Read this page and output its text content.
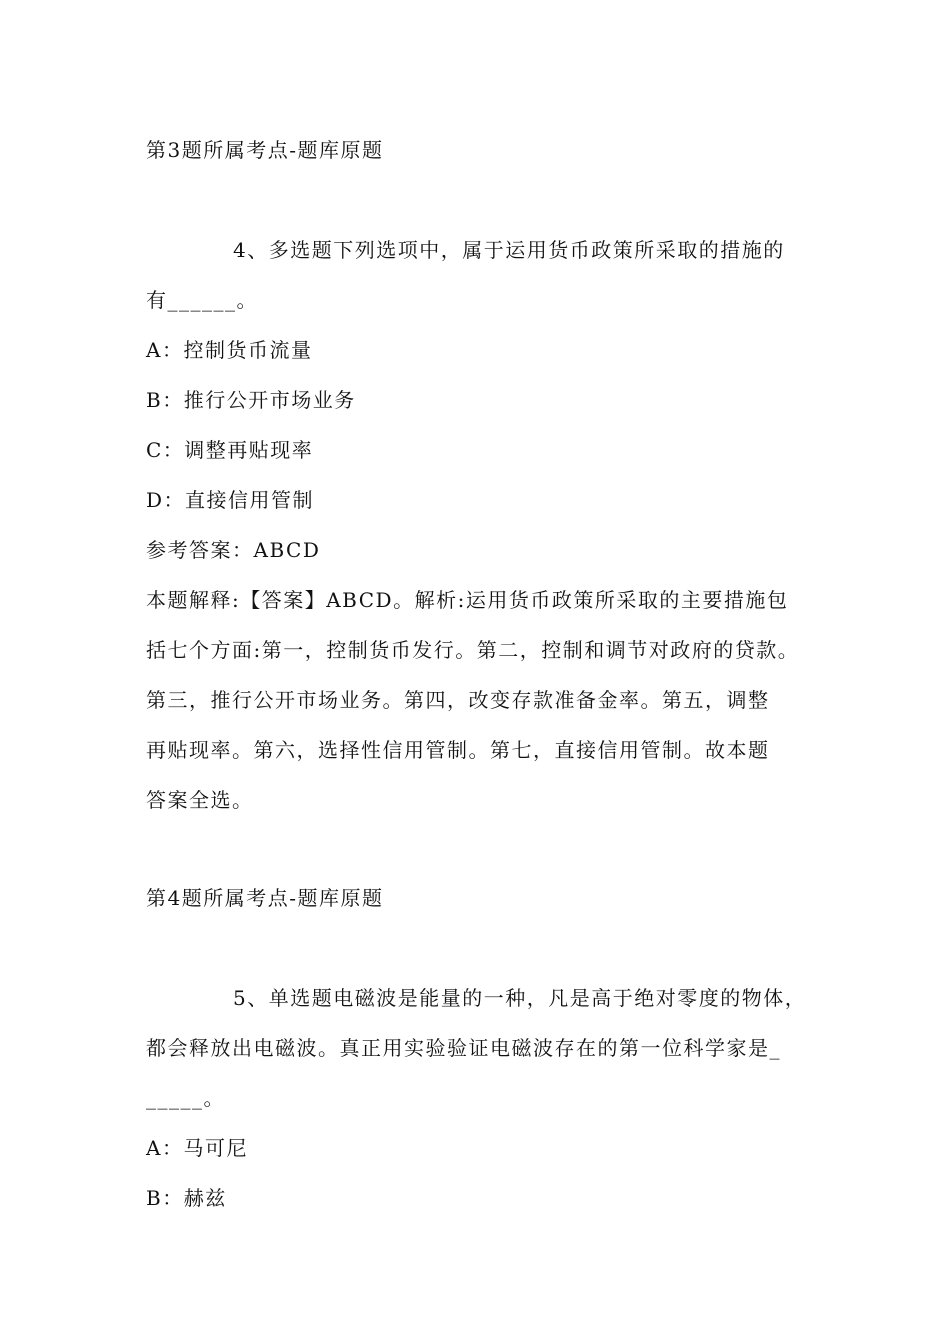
第3题所属考点-题库原题
4、多选题下列选项中，属于运用货币政策所采取的措施的
有______。
A：控制货币流量
B：推行公开市场业务
C：调整再贴现率
D：直接信用管制
参考答案：ABCD
本题解释:【答案】ABCD。解析:运用货币政策所采取的主要措施包
括七个方面:第一，控制货币发行。第二，控制和调节对政府的贷款。
第三，推行公开市场业务。第四，改变存款准备金率。第五，调整
再贴现率。第六，选择性信用管制。第七，直接信用管制。故本题
答案全选。
第4题所属考点-题库原题
5、单选题电磁波是能量的一种，凡是高于绝对零度的物体，
都会释放出电磁波。真正用实验验证电磁波存在的第一位科学家是_
_____。
A：马可尼
B：赫兹
